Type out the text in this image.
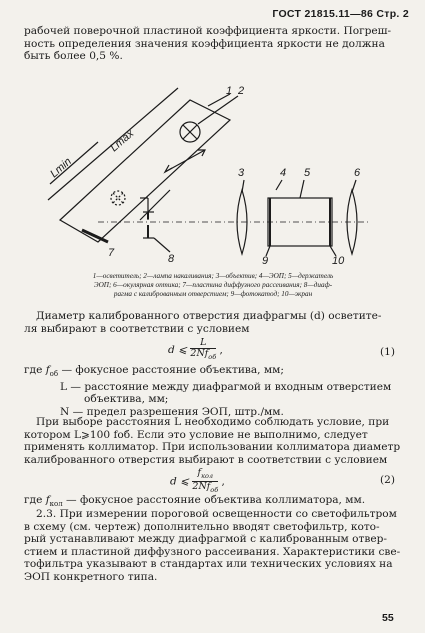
ГОСТ 21815.11—86 Стр. 2
рабочей поверочной пластиной коэффициента яркости. Погреш-
ность определения значения коэффициента яркости не должна
быть более 0,5 %.
1 2
3	4 5	6
7	8	9	10
Lmax
Lmin
1—осветитель; 2—лампа накаливания; 3—объектив; 4—ЭОП; 5—держатель
ЭОП; 6—окулярная оптика; 7—пластина диффузного рассеивания; 8—диаф-
рагма с калиброванным отверстием; 9—фотокатод; 10—экран
Диаметр калиброванного отверстия диафрагмы (d) осветите-
ля выбирают в соответствии с условием
d ⩽ $\frac{L}{2Nf_{об}}$ ,	(1)
где $f_{об}$ — фокусное расстояние объектива, мм;
L — расстояние между диафрагмой и входным отверстием
объектива, мм;
N — предел разрешения ЭОП, штр./мм.
При выборе расстояния L необходимо соблюдать условие, при
котором L⩾100 fоб. Если это условие не выполнимо, следует
применять коллиматор. При использовании коллиматора диаметр
калиброванного отверстия выбирают в соответствии с условием
d ⩽ $\frac{f_{кол}}{2Nf_{об}}$ ,	(2)
где $f_{кол}$ — фокусное расстояние объектива коллиматора, мм.
2.3. При измерении пороговой освещенности со светофильтром
в схему (см. чертеж) дополнительно вводят светофильтр, кото-
рый устанавливают между диафрагмой с калиброванным отвер-
стием и пластиной диффузного рассеивания. Характеристики све-
тофильтра указывают в стандартах или технических условиях на
ЭОП конкретного типа.
55
